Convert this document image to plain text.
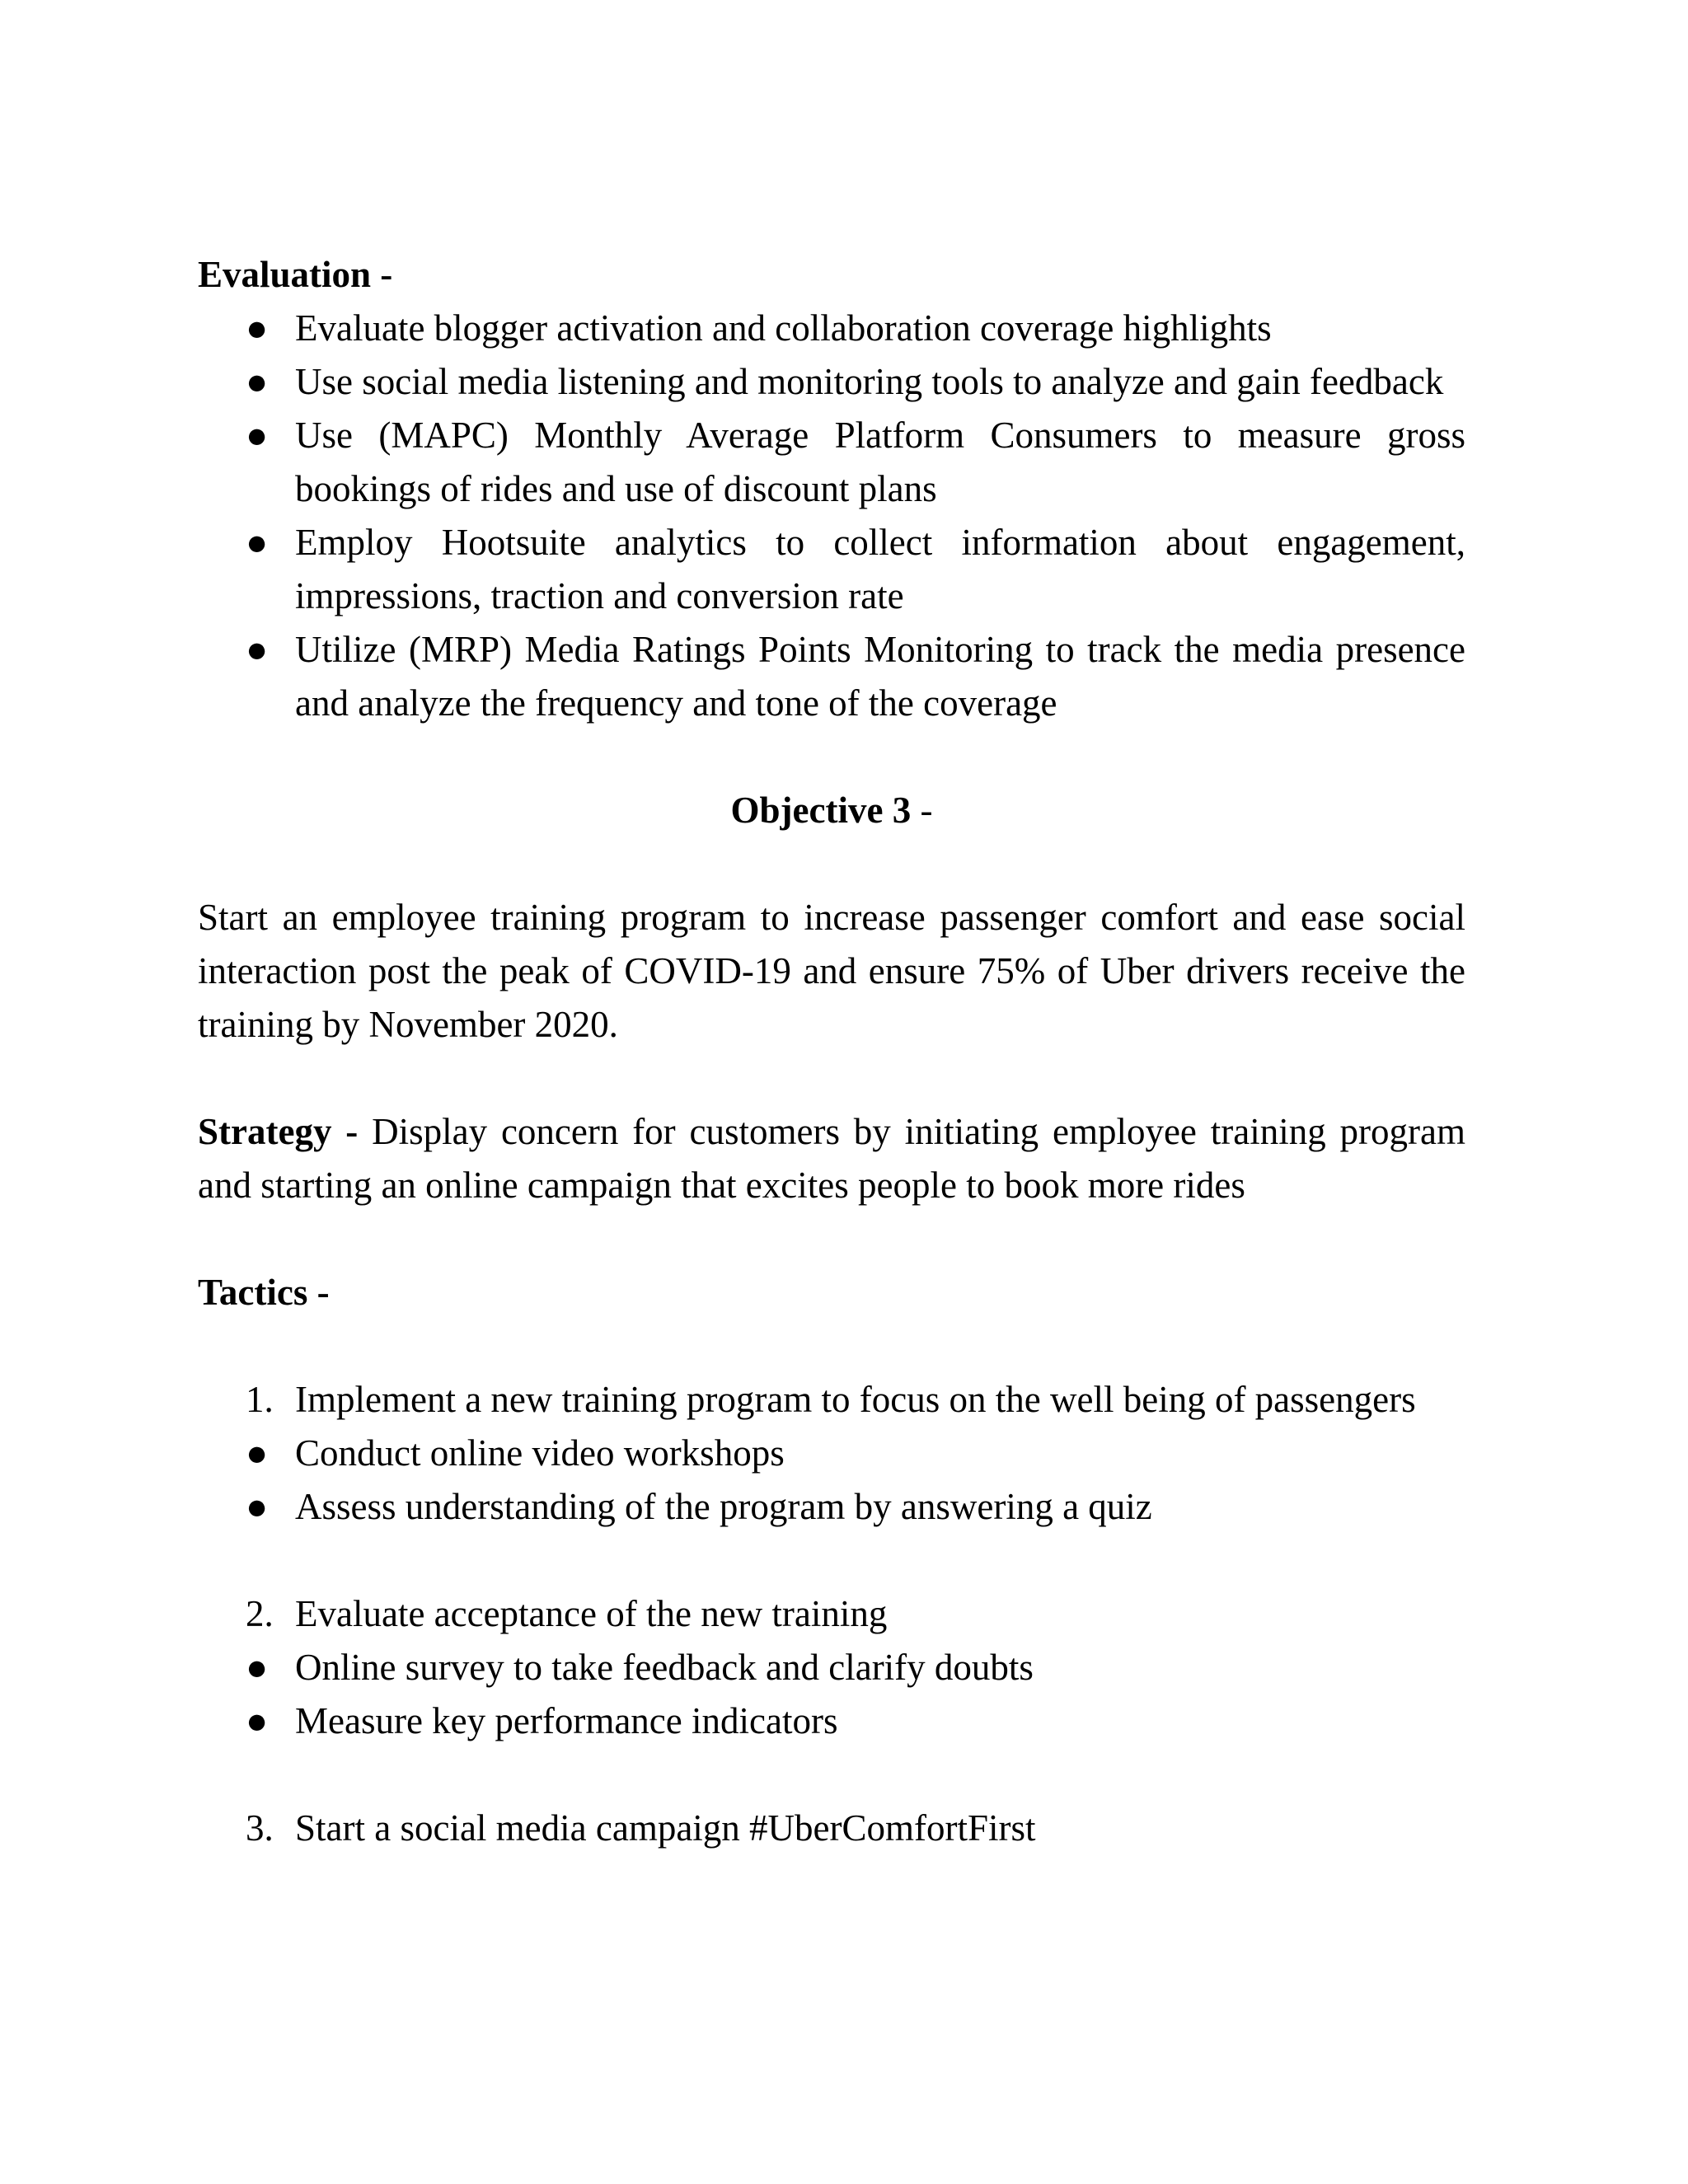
Evaluation -

● Evaluate blogger activation and collaboration coverage highlights
● Use social media listening and monitoring tools to analyze and gain feedback
● Use (MAPC) Monthly Average Platform Consumers to measure gross bookings of rides and use of discount plans
● Employ Hootsuite analytics to collect information about engagement, impressions, traction and conversion rate
● Utilize (MRP) Media Ratings Points Monitoring to track the media presence and analyze the frequency and tone of the coverage

Objective 3 -

Start an employee training program to increase passenger comfort and ease social interaction post the peak of COVID-19 and ensure 75% of Uber drivers receive the training by November 2020.

Strategy - Display concern for customers by initiating employee training program and starting an online campaign that excites people to book more rides

Tactics -

1. Implement a new training program to focus on the well being of passengers
● Conduct online video workshops
● Assess understanding of the program by answering a quiz
2. Evaluate acceptance of the new training
● Online survey to take feedback and clarify doubts
● Measure key performance indicators
3. Start a social media campaign #UberComfortFirst
